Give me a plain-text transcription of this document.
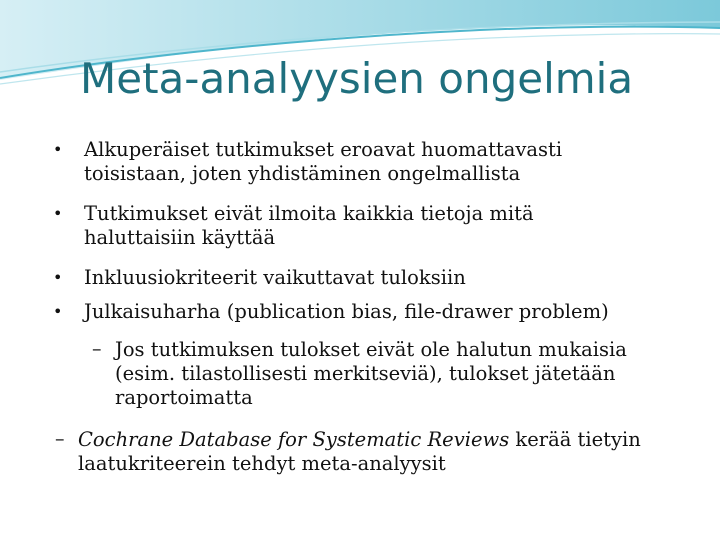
Meta-analyysien ongelmia
• Alkuperäiset tutkimukset eroavat huomattavasti
toisistaan, joten yhdistäminen ongelmallista
• Tutkimukset eivät ilmoita kaikkia tietoja mitä
haluttaisiin käyttää
• Inkluusiokriteerit vaikuttavat tuloksiin
• Julkaisuharha (publication bias, file-drawer problem)
– Jos tutkimuksen tulokset eivät ole halutun mukaisia
(esim. tilastollisesti merkitseviä), tulokset jätetään
raportoimatta
– Cochrane Database for Systematic Reviews kerää tietyin
laatukriteerein tehdyt meta-analyysit
